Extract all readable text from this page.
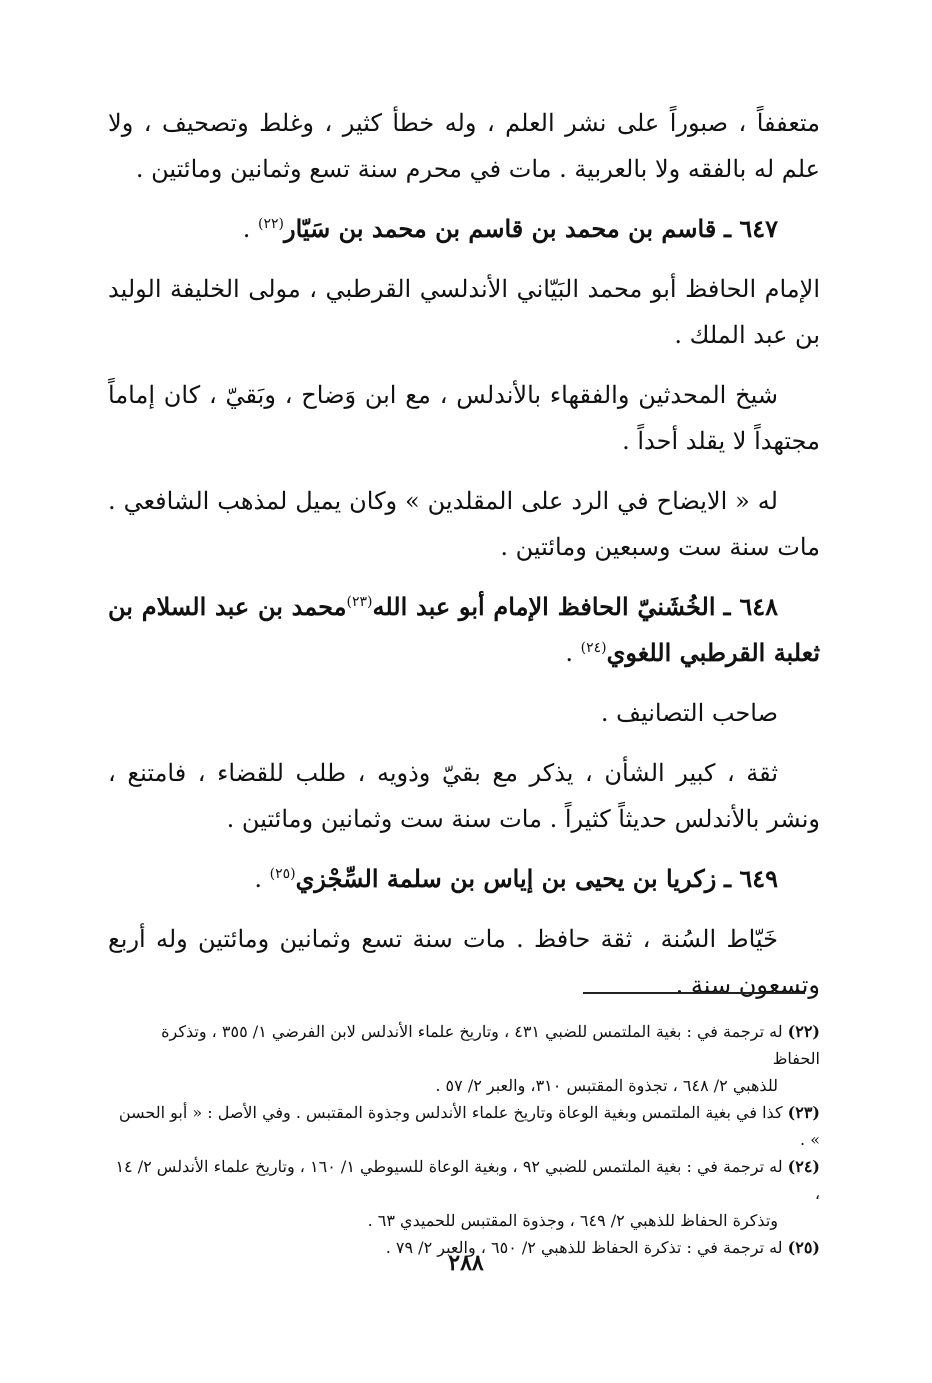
متعففاً ، صبوراً على نشر العلم ، وله خطأ كثير ، وغلط وتصحيف ، ولا علم له بالفقه ولا بالعربية . مات في محرم سنة تسع وثمانين ومائتين .

٦٤٧ ـ قاسم بن محمد بن قاسم بن محمد بن سَيّار$^{(٢٢)}$ .

الإمام الحافظ أبو محمد البَيّاني الأندلسي القرطبي ، مولى الخليفة الوليد بن عبد الملك .

شيخ المحدثين والفقهاء بالأندلس ، مع ابن وَضاح ، وبَقيّ ، كان إماماً مجتهداً لا يقلد أحداً .

له « الايضاح في الرد على المقلدين » وكان يميل لمذهب الشافعي . مات سنة ست وسبعين ومائتين .

٦٤٨ ـ الخُشَنيّ الحافظ الإمام أبو عبد الله$^{(٢٣)}$محمد بن عبد السلام بن ثعلبة القرطبي اللغوي$^{(٢٤)}$ .

صاحب التصانيف .

ثقة ، كبير الشأن ، يذكر مع بقيّ وذويه ، طلب للقضاء ، فامتنع ، ونشر بالأندلس حديثاً كثيراً . مات سنة ست وثمانين ومائتين .

٦٤٩ ـ زكريا بن يحيى بن إياس بن سلمة السِّجْزي$^{(٢٥)}$ .

خَيّاط السُنة ، ثقة حافظ . مات سنة تسع وثمانين ومائتين وله أربع وتسعون سنة .

(٢٢) له ترجمة في : بغية الملتمس للضبي ٤٣١ ، وتاريخ علماء الأندلس لابن الفرضي ١/ ٣٥٥ ، وتذكرة الحفاظ

للذهبي ٢/ ٦٤٨ ، تجذوة المقتبس ٣١٠، والعبر ٢/ ٥٧ .

(٢٣) كذا في بغية الملتمس وبغية الوعاة وتاريخ علماء الأندلس وجذوة المقتبس . وفي الأصل : « أبو الحسن » .

(٢٤) له ترجمة في : بغية الملتمس للضبي ٩٢ ، وبغية الوعاة للسيوطي ١/ ١٦٠ ، وتاريخ علماء الأندلس ٢/ ١٤ ،

وتذكرة الحفاظ للذهبي ٢/ ٦٤٩ ، وجذوة المقتبس للحميدي ٦٣ .

(٢٥) له ترجمة في : تذكرة الحفاظ للذهبي ٢/ ٦٥٠ ، والعبر ٢/ ٧٩ .

٢٨٨
